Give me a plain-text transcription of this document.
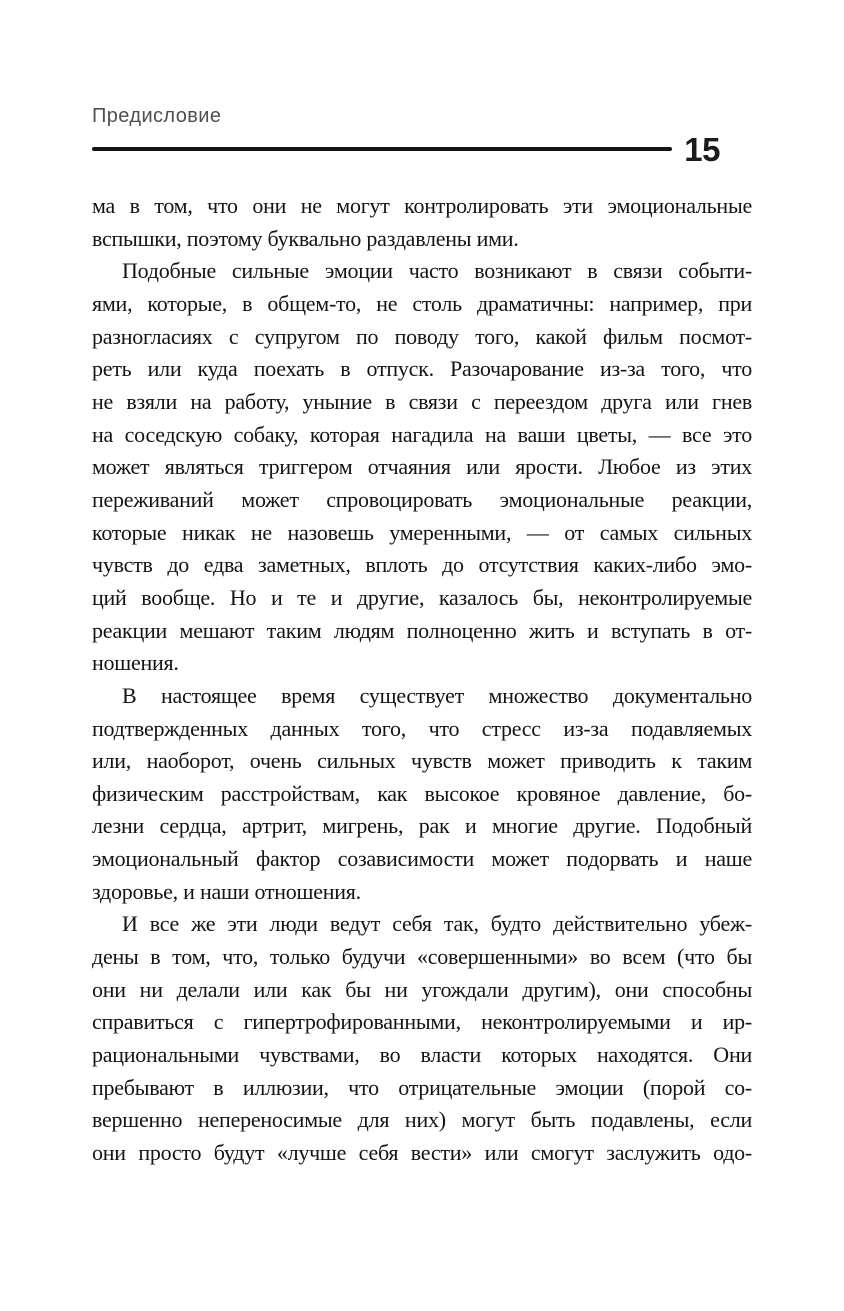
Предисловие
15
ма в том, что они не могут контролировать эти эмоциональные
вспышки, поэтому буквально раздавлены ими.
Подобные сильные эмоции часто возникают в связи событи-
ями, которые, в общем-то, не столь драматичны: например, при
разногласиях с супругом по поводу того, какой фильм посмот-
реть или куда поехать в отпуск. Разочарование из-за того, что
не взяли на работу, уныние в связи с переездом друга или гнев
на соседскую собаку, которая нагадила на ваши цветы, — все это
может являться триггером отчаяния или ярости. Любое из этих
переживаний может спровоцировать эмоциональные реакции,
которые никак не назовешь умеренными, — от самых сильных
чувств до едва заметных, вплоть до отсутствия каких-либо эмо-
ций вообще. Но и те и другие, казалось бы, неконтролируемые
реакции мешают таким людям полноценно жить и вступать в от-
ношения.
В настоящее время существует множество документально
подтвержденных данных того, что стресс из-за подавляемых
или, наоборот, очень сильных чувств может приводить к таким
физическим расстройствам, как высокое кровяное давление, бо-
лезни сердца, артрит, мигрень, рак и многие другие. Подобный
эмоциональный фактор созависимости может подорвать и наше
здоровье, и наши отношения.
И все же эти люди ведут себя так, будто действительно убеж-
дены в том, что, только будучи «совершенными» во всем (что бы
они ни делали или как бы ни угождали другим), они способны
справиться с гипертрофированными, неконтролируемыми и ир-
рациональными чувствами, во власти которых находятся. Они
пребывают в иллюзии, что отрицательные эмоции (порой со-
вершенно непереносимые для них) могут быть подавлены, если
они просто будут «лучше себя вести» или смогут заслужить одо-
